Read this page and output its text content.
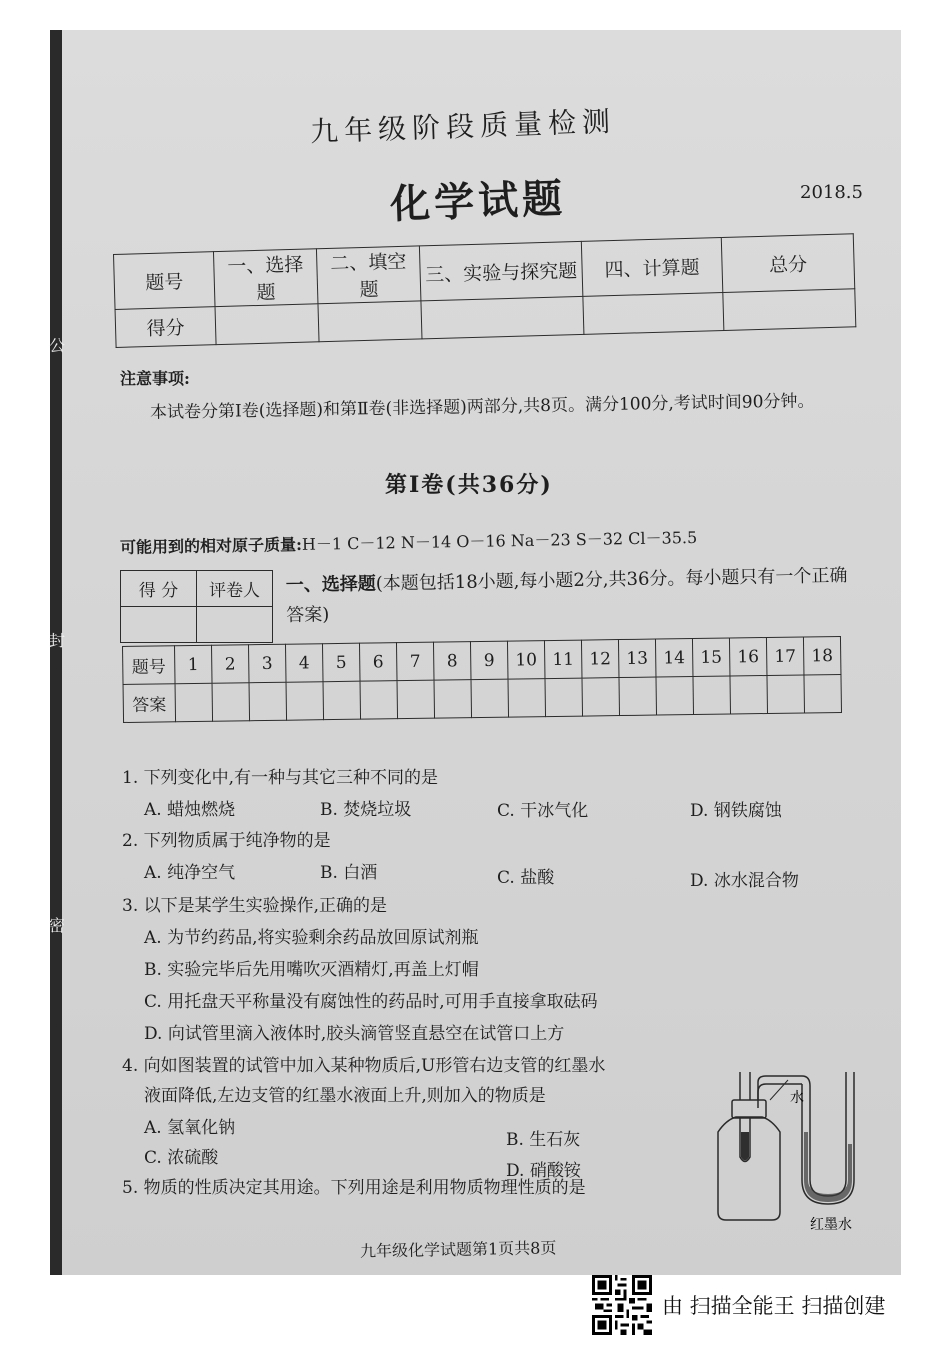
公
封
密
九年级阶段质量检测
化学试题	2018.5
题号	一、选择题	二、填空题	三、实验与探究题	四、计算题	总分
得分					
注意事项:
本试卷分第Ⅰ卷(选择题)和第Ⅱ卷(非选择题)两部分,共8页。满分100分,考试时间90分钟。
第Ⅰ卷(共36分)
可能用到的相对原子质量:H－1 C－12 N－14 O－16 Na－23 S－32 Cl－35.5
得 分	评卷人
	一、选择题(本题包括18小题,每小题2分,共36分。每小题只有一个正确答案)
题号	1	2	3	4	5	6	7	8	9	10	11	12	13	14	15	16	17	18
答案																		
1. 下列变化中,有一种与其它三种不同的是
A. 蜡烛燃烧	B. 焚烧垃圾	C. 干冰气化	D. 钢铁腐蚀
2. 下列物质属于纯净物的是
A. 纯净空气	B. 白酒	C. 盐酸	D. 冰水混合物
3. 以下是某学生实验操作,正确的是
A. 为节约药品,将实验剩余药品放回原试剂瓶
B. 实验完毕后先用嘴吹灭酒精灯,再盖上灯帽
C. 用托盘天平称量没有腐蚀性的药品时,可用手直接拿取砝码
D. 向试管里滴入液体时,胶头滴管竖直悬空在试管口上方
4. 向如图装置的试管中加入某种物质后,U形管右边支管的红墨水
液面降低,左边支管的红墨水液面上升,则加入的物质是
A. 氢氧化钠
B. 生石灰
C. 浓硫酸
D. 硝酸铵
5. 物质的性质决定其用途。下列用途是利用物质物理性质的是
水
红墨水
九年级化学试题第1页共8页
由 扫描全能王 扫描创建
